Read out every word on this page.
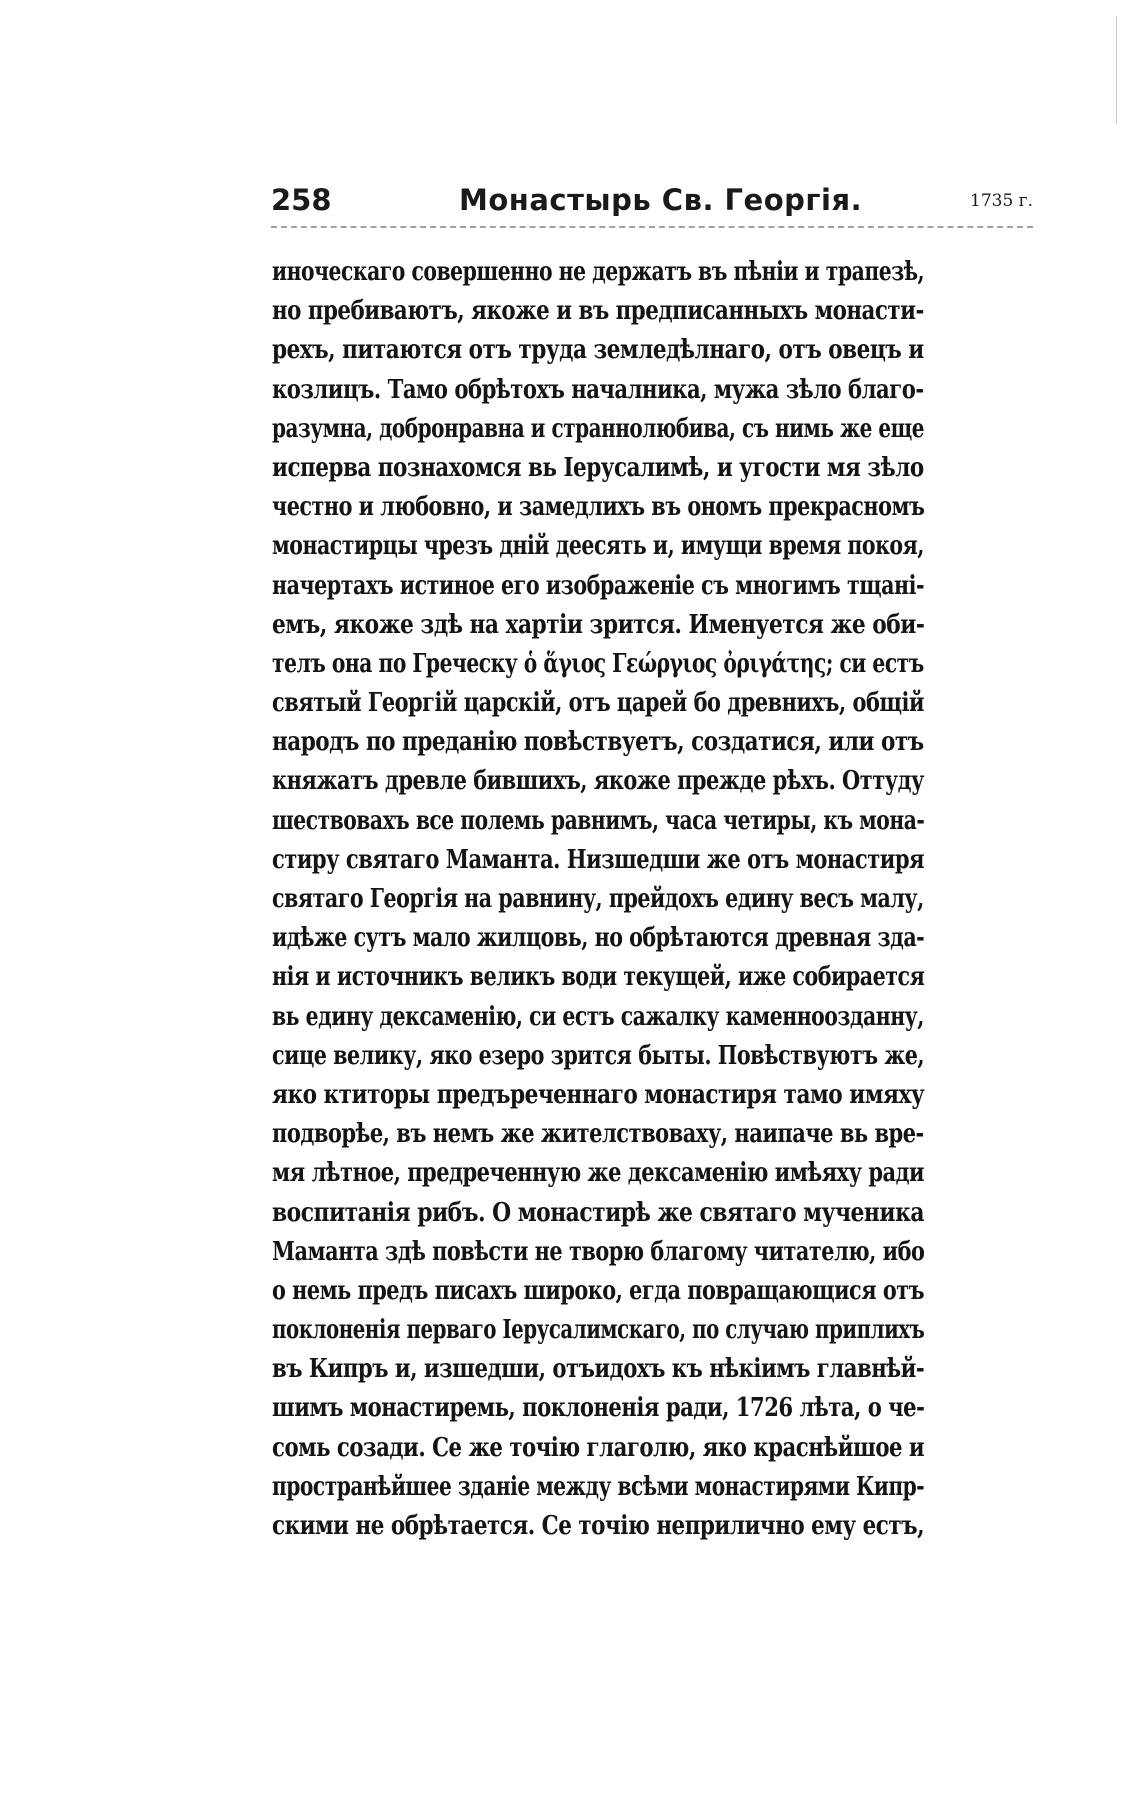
258	Монастырь Св. Георгія.	1735 г.
иноческаго совершенно не держатъ въ пѣніи и трапезѣ,
но пребиваютъ, якоже и въ предписанныхъ монасти-
рехъ, питаются отъ труда земледѣлнаго, отъ овецъ и
козлицъ. Тамо обрѣтохъ началника, мужа зѣло благо-
разумна, добронравна и страннолюбива, съ нимь же еще
исперва познахомся вь Іерусалимѣ, и угости мя зѣло
честно и любовно, и замедлихъ въ ономъ прекрасномъ
монастирцы чрезъ днiй деесять и, имущи время покоя,
начертахъ истиное его изображеніе съ многимъ тщані-
емъ, якоже здѣ на хартіи зрится. Именуется же оби-
телъ она по Гречеcку ὁ ἅγιος Γεώργιος ὀριγάτης; си естъ
святый Георгій царскій, отъ царей бо древнихъ, общій
народъ по преданію повѣствуетъ, создатися, или отъ
княжатъ древле бившихъ, якоже прежде рѣхъ. Оттуду
шествовахъ все полемь равнимъ, часа четиры, къ мона-
стиру святаго Маманта. Низшедши же отъ монастиря
святаго Георгія на равнину, прейдохъ едину весъ малу,
идѣже сутъ мало жилцовь, но обрѣтаются древная зда-
нія и источникъ великъ води текущей, иже собирается
вь едину дексаменію, си естъ сажалку каменноозданну,
сице велику, яко езеро зрится быты. Повѣствуютъ же,
яко ктиторы предъреченнаго монастиря тамо имяху
подворѣе, въ немъ же жителствоваху, наипаче вь вре-
мя лѣтное, предреченную же дексаменію имѣяху ради
воспитанія рибъ. О монастирѣ же святаго мученика
Маманта здѣ повѣсти не творю благому читателю, ибо
о немь предъ писахъ широко, егда повращающися отъ
поклоненія перваго Іерусалимскаго, по случаю приплихъ
въ Кипръ и, изшедши, отъидохъ къ нѣкіимъ главнѣй-
шимъ монастиремь, поклоненія ради, 1726 лѣта, о че-
сомь созади. Се же точію глаголю, яко краснѣйшое и
пространѣйшее зданіе между всѣми монастирями Кипр-
скими не обрѣтается. Се точію неприлично ему естъ,
